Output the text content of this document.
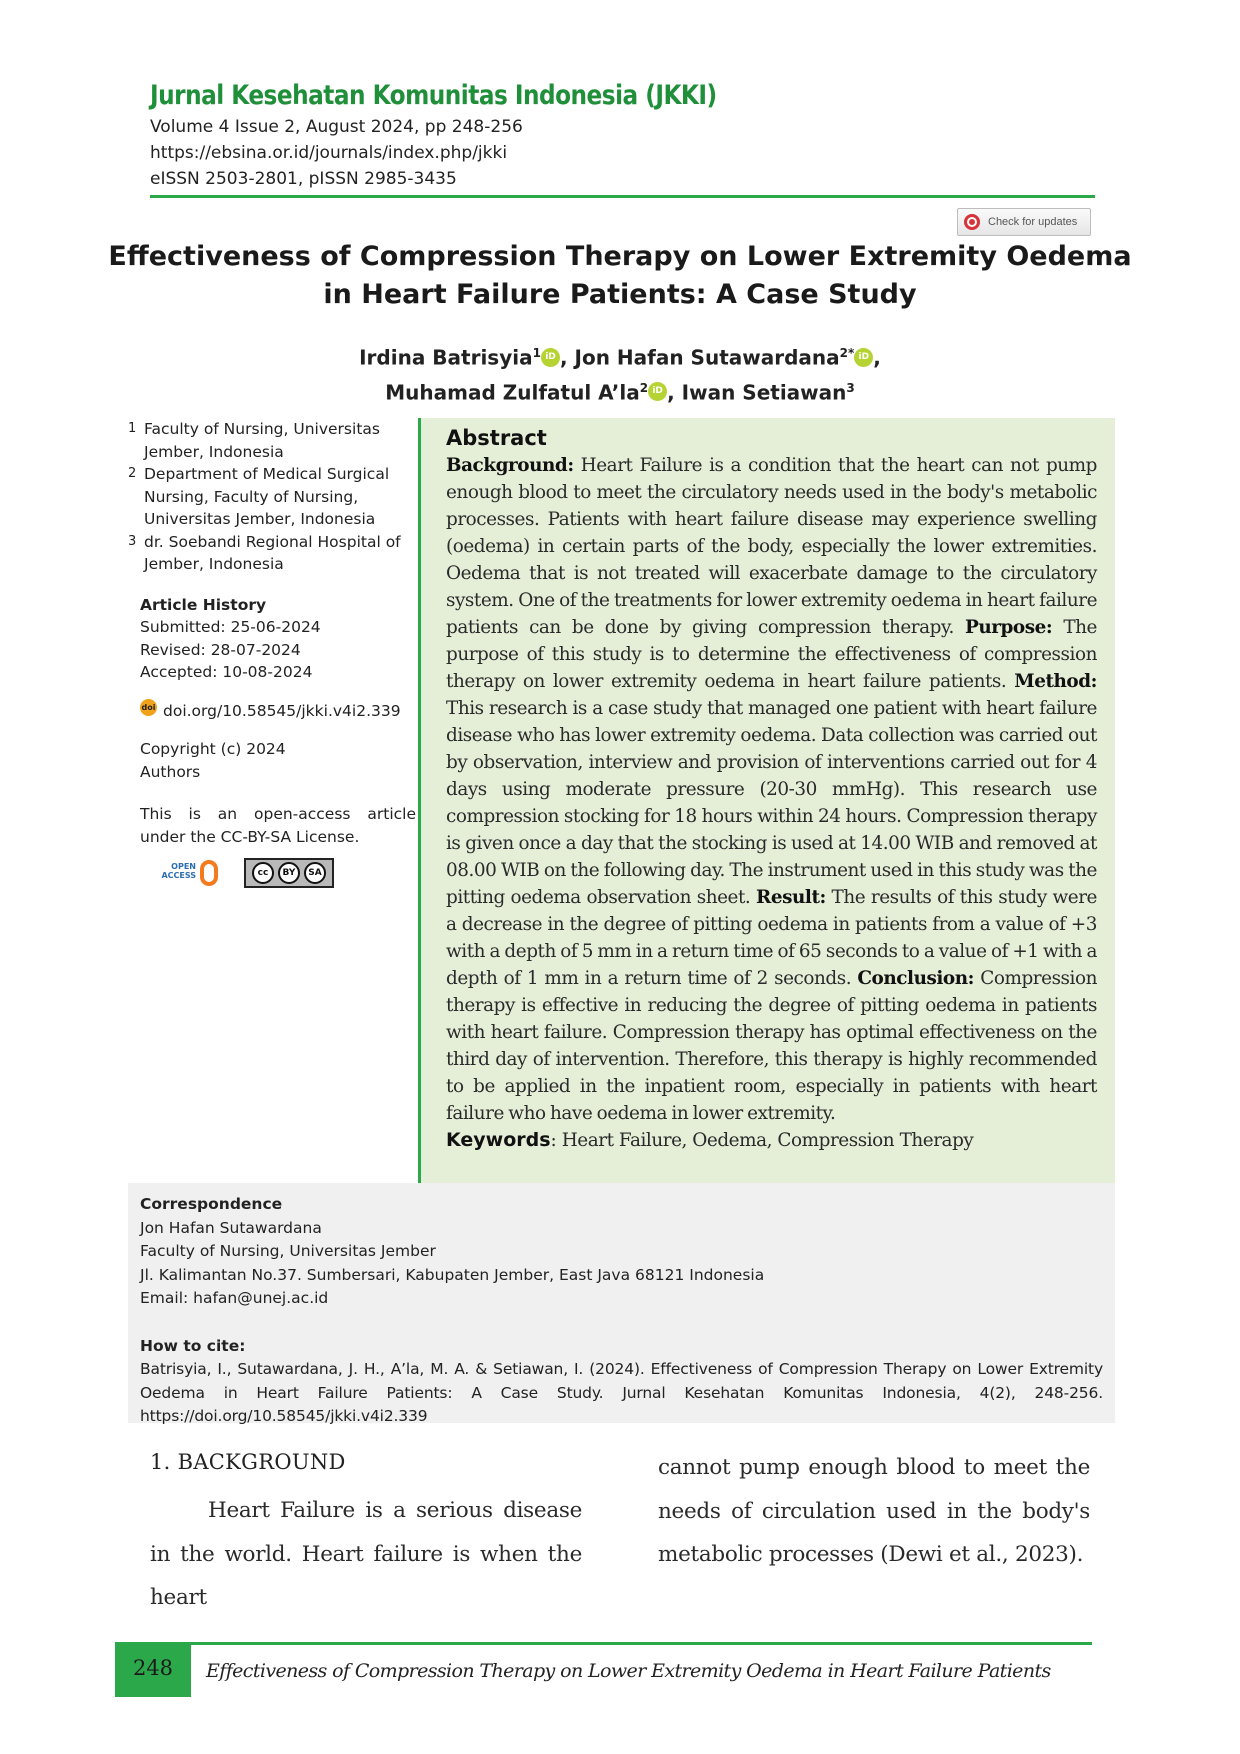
Jurnal Kesehatan Komunitas Indonesia (JKKI)
Volume 4 Issue 2, August 2024, pp 248-256
https://ebsina.or.id/journals/index.php/jkki
eISSN 2503-2801, pISSN 2985-3435
Check for updates
Effectiveness of Compression Therapy on Lower Extremity Oedema
in Heart Failure Patients: A Case Study
Irdina Batrisyia$^1$ iD , Jon Hafan Sutawardana$^{2*}$ iD ,
Muhamad Zulfatul $A’la^2$ iD , Iwan Setiawan$^3$
1 Faculty of Nursing, Universitas Jember, Indonesia
2 Department of Medical Surgical Nursing, Faculty of Nursing, Universitas Jember, Indonesia
3 dr. Soebandi Regional Hospital of Jember, Indonesia
Article History
Submitted: 25-06-2024
Revised: 28-07-2024
Accepted: 10-08-2024
doi doi.org/10.58545/jkki.v4i2.339
Copyright (c) 2024 Authors
This is an open-access article under the CC-BY-SA License.
OPEN ACCESS	cc	BY	SA
Abstract
Background: Heart Failure is a condition that the heart can not pump enough blood to meet the circulatory needs used in the body's metabolic processes. Patients with heart failure disease may experience swelling (oedema) in certain parts of the body, especially the lower extremities. Oedema that is not treated will exacerbate damage to the circulatory system. One of the treatments for lower extremity oedema in heart failure patients can be done by giving compression therapy. Purpose: The purpose of this study is to determine the effectiveness of compression therapy on lower extremity oedema in heart failure patients. Method: This research is a case study that managed one patient with heart failure disease who has lower extremity oedema. Data collection was carried out by observation, interview and provision of interventions carried out for 4 days using moderate pressure (20-30 mmHg). This research use compression stocking for 18 hours within 24 hours. Compression therapy is given once a day that the stocking is used at 14.00 WIB and removed at 08.00 WIB on the following day. The instrument used in this study was the pitting oedema observation sheet. Result: The results of this study were a decrease in the degree of pitting oedema in patients from a value of +3 with a depth of 5 mm in a return time of 65 seconds to a value of +1 with a depth of 1 mm in a return time of 2 seconds. Conclusion: Compression therapy is effective in reducing the degree of pitting oedema in patients with heart failure. Compression therapy has optimal effectiveness on the third day of intervention. Therefore, this therapy is highly recommended to be applied in the inpatient room, especially in patients with heart failure who have oedema in lower extremity.
Keywords: Heart Failure, Oedema, Compression Therapy
Correspondence
Jon Hafan Sutawardana
Faculty of Nursing, Universitas Jember
Jl. Kalimantan No.37. Sumbersari, Kabupaten Jember, East Java 68121 Indonesia
Email: hafan@unej.ac.id
How to cite:
Batrisyia, I., Sutawardana, J. H., A’la, M. A. & Setiawan, I. (2024). Effectiveness of Compression Therapy on Lower Extremity Oedema in Heart Failure Patients: A Case Study. Jurnal Kesehatan Komunitas Indonesia, 4(2), 248-256. https://doi.org/10.58545/jkki.v4i2.339
1. BACKGROUND
Heart Failure is a serious disease in the world. Heart failure is when the heart
cannot pump enough blood to meet the needs of circulation used in the body's metabolic processes (Dewi et al., 2023).
248	Effectiveness of Compression Therapy on Lower Extremity Oedema in Heart Failure Patients
